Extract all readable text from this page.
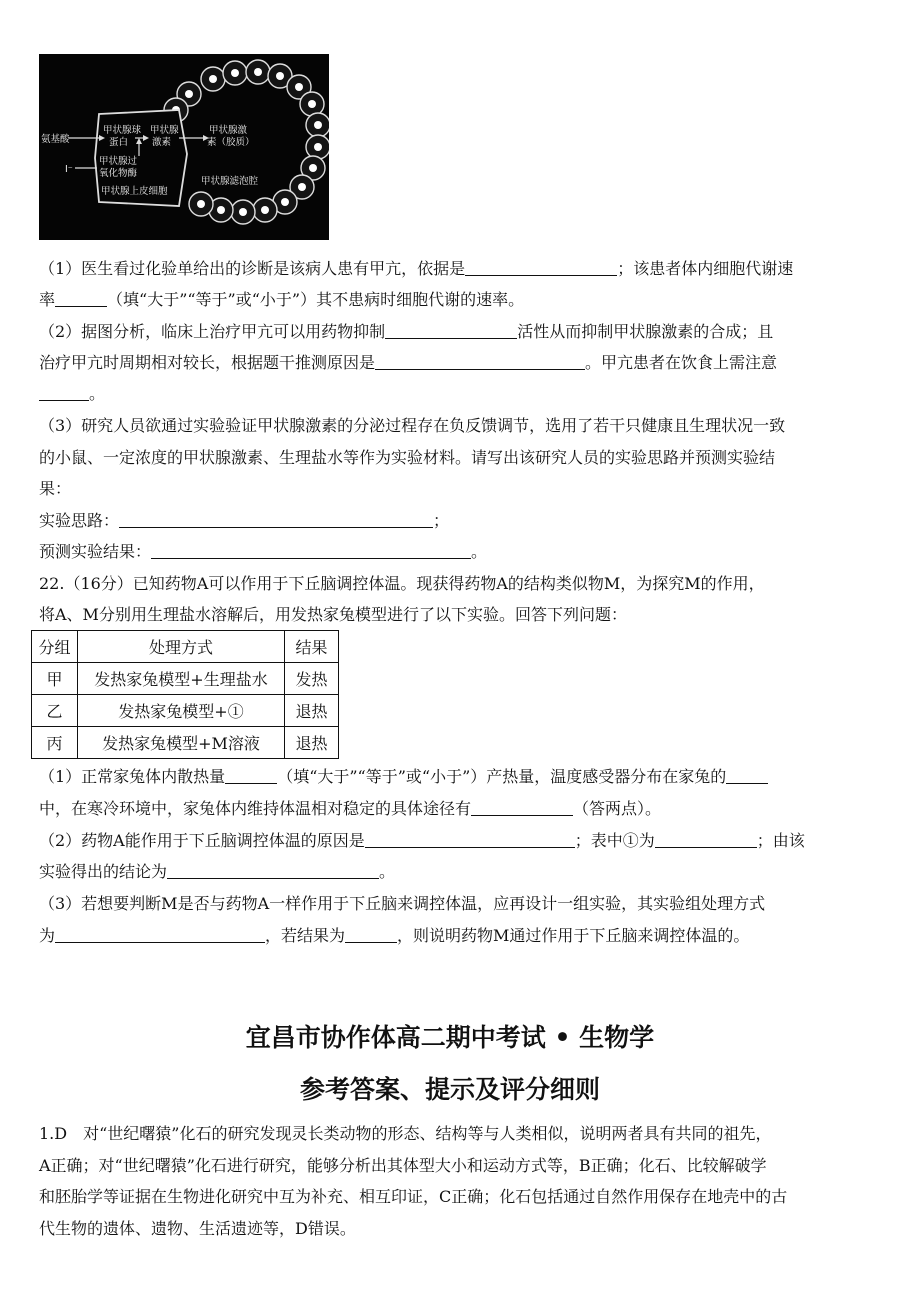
氨基酸
甲状腺球
蛋白
甲状腺
激素
甲状腺激
素（胶质）
I⁻
甲状腺过
氧化物酶
甲状腺上皮细胞
甲状腺滤泡腔
（1）医生看过化验单给出的诊断是该病人患有甲亢，依据是	；该患者体内细胞代谢速
率	（填“大于”“等于”或“小于”）其不患病时细胞代谢的速率。
（2）据图分析，临床上治疗甲亢可以用药物抑制	活性从而抑制甲状腺激素的合成；且
治疗甲亢时周期相对较长，根据题干推测原因是	。甲亢患者在饮食上需注意
。
（3）研究人员欲通过实验验证甲状腺激素的分泌过程存在负反馈调节，选用了若干只健康且生理状况一致
的小鼠、一定浓度的甲状腺激素、生理盐水等作为实验材料。请写出该研究人员的实验思路并预测实验结
果：
实验思路：	；
预测实验结果：	。
22.（16分）已知药物A可以作用于下丘脑调控体温。现获得药物A的结构类似物M，为探究M的作用，
将A、M分别用生理盐水溶解后，用发热家兔模型进行了以下实验。回答下列问题：
分组	处理方式	结果
甲	发热家兔模型+生理盐水	发热
乙	发热家兔模型+①	退热
丙	发热家兔模型+M溶液	退热
（1）正常家兔体内散热量	（填“大于”“等于”或“小于”）产热量，温度感受器分布在家兔的
中，在寒冷环境中，家兔体内维持体温相对稳定的具体途径有	（答两点）。
（2）药物A能作用于下丘脑调控体温的原因是	；表中①为	；由该
实验得出的结论为	。
（3）若想要判断M是否与药物A一样作用于下丘脑来调控体温，应再设计一组实验，其实验组处理方式
为	，若结果为	，则说明药物M通过作用于下丘脑来调控体温的。
宜昌市协作体高二期中考试 • 生物学
参考答案、提示及评分细则
1.D　对“世纪曙猿”化石的研究发现灵长类动物的形态、结构等与人类相似，说明两者具有共同的祖先，
A正确；对“世纪曙猿”化石进行研究，能够分析出其体型大小和运动方式等，B正确；化石、比较解破学
和胚胎学等证据在生物进化研究中互为补充、相互印证，C正确；化石包括通过自然作用保存在地壳中的古
代生物的遗体、遗物、生活遗迹等，D错误。
